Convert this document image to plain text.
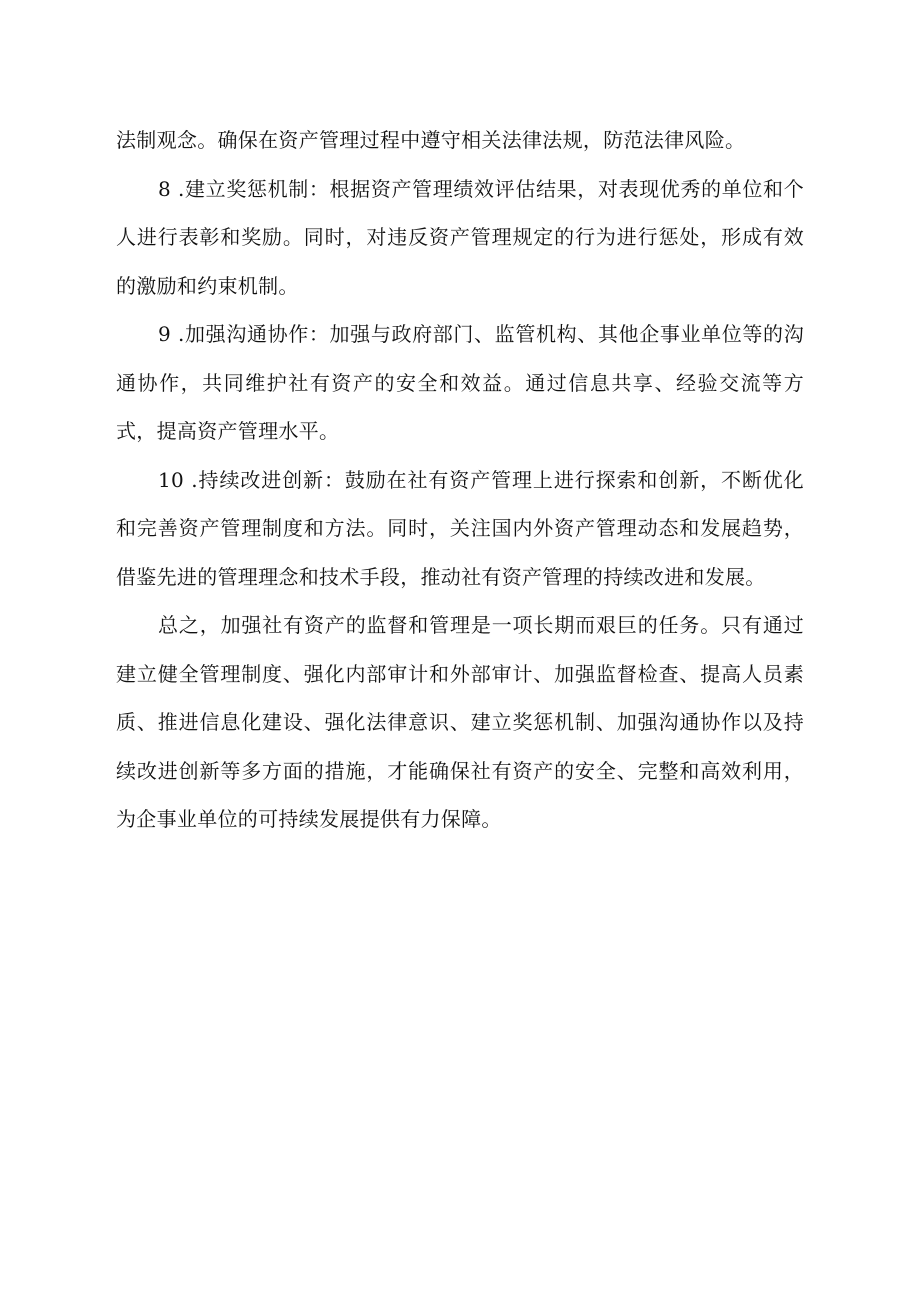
法制观念。确保在资产管理过程中遵守相关法律法规，防范法律风险。

8 .建立奖惩机制：根据资产管理绩效评估结果，对表现优秀的单位和个人进行表彰和奖励。同时，对违反资产管理规定的行为进行惩处，形成有效的激励和约束机制。

9 .加强沟通协作：加强与政府部门、监管机构、其他企事业单位等的沟通协作，共同维护社有资产的安全和效益。通过信息共享、经验交流等方式，提高资产管理水平。

10 .持续改进创新：鼓励在社有资产管理上进行探索和创新，不断优化和完善资产管理制度和方法。同时，关注国内外资产管理动态和发展趋势，借鉴先进的管理理念和技术手段，推动社有资产管理的持续改进和发展。

总之，加强社有资产的监督和管理是一项长期而艰巨的任务。只有通过建立健全管理制度、强化内部审计和外部审计、加强监督检查、提高人员素质、推进信息化建设、强化法律意识、建立奖惩机制、加强沟通协作以及持续改进创新等多方面的措施，才能确保社有资产的安全、完整和高效利用，为企事业单位的可持续发展提供有力保障。
